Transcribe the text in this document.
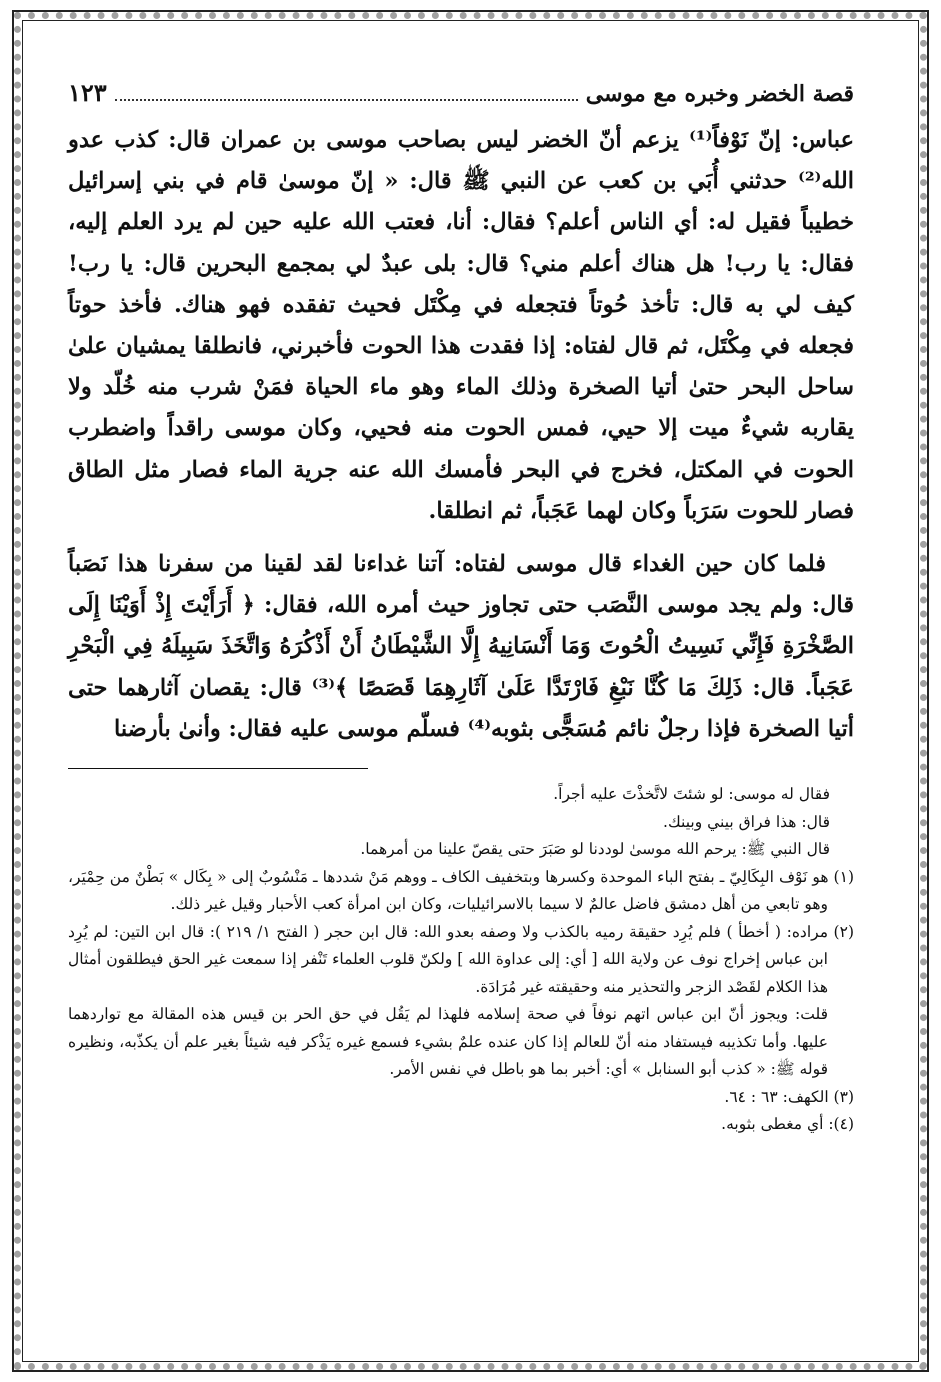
قصة الخضر وخبره مع موسى
١٢٣

عباس: إنّ نَوْفاً⁽¹⁾ يزعم أنّ الخضر ليس بصاحب موسى بن عمران قال: كذب عدو الله⁽²⁾ حدثني أُبَي بن كعب عن النبي ﷺ قال: « إنّ موسىٰ قام في بني إسرائيل خطيباً فقيل له: أي الناس أعلم؟ فقال: أنا، فعتب الله عليه حين لم يرد العلم إليه، فقال: يا رب! هل هناك أعلم مني؟ قال: بلى عبدٌ لي بمجمع البحرين قال: يا رب! كيف لي به قال: تأخذ حُوتاً فتجعله في مِكْتَل فحيث تفقده فهو هناك. فأخذ حوتاً فجعله في مِكْتَل، ثم قال لفتاه: إذا فقدت هذا الحوت فأخبرني، فانطلقا يمشيان علىٰ ساحل البحر حتىٰ أتيا الصخرة وذلك الماء وهو ماء الحياة فمَنْ شرب منه خُلّد ولا يقاربه شيءٌ ميت إلا حيي، فمس الحوت منه فحيي، وكان موسى راقداً واضطرب الحوت في المكتل، فخرج في البحر فأمسك الله عنه جرية الماء فصار مثل الطاق فصار للحوت سَرَباً وكان لهما عَجَباً، ثم انطلقا.

فلما كان حين الغداء قال موسى لفتاه: آتنا غداءنا لقد لقينا من سفرنا هذا نَصَباً قال: ولم يجد موسى النَّصَب حتى تجاوز حيث أمره الله، فقال: ﴿ أَرَأَيْتَ إِذْ أَوَيْنَا إِلَى الصَّخْرَةِ فَإِنِّي نَسِيتُ الْحُوتَ وَمَا أَنْسَانِيهُ إِلَّا الشَّيْطَانُ أَنْ أَذْكُرَهُ وَاتَّخَذَ سَبِيلَهُ فِي الْبَحْرِ عَجَباً. قال: ذَلِكَ مَا كُنَّا نَبْغِ فَارْتَدَّا عَلَىٰ آثَارِهِمَا قَصَصًا ﴾⁽³⁾ قال: يقصان آثارهما حتى أتيا الصخرة فإذا رجلٌ نائم مُسَجًّى بثوبه⁽⁴⁾ فسلّم موسى عليه فقال: وأنىٰ بأرضنا

فقال له موسى: لو شئتَ لاتَّخذْتَ عليه أجراً.

قال: هذا فراق بيني وبينك.

قال النبي ﷺ: يرحم الله موسىٰ لوددنا لو صَبَرَ حتى يقصّ علينا من أمرهما.

(١) هو نَوْف البِكَالِيّ ـ بفتح الباء الموحدة وكسرها وبتخفيف الكاف ـ ووهم مَنْ شددها ـ مَنْسُوبٌ إلى « بِكَال » بَطْنٌ من حِمْيَر، وهو تابعي من أهل دمشق فاضل عالمٌ لا سيما بالاسرائيليات، وكان ابن امرأة كعب الأحبار وقيل غير ذلك.

(٢) مراده: ( أخطأ ) فلم يُرِد حقيقة رميه بالكذب ولا وصفه بعدو الله: قال ابن حجر ( الفتح ١/ ٢١٩ ): قال ابن التين: لم يُرِد ابن عباس إخراج نوف عن ولاية الله [ أي: إلى عداوة الله ] ولكنّ قلوب العلماء تَنْفر إذا سمعت غير الحق فيطلقون أمثال هذا الكلام لقَصْد الزجر والتحذير منه وحقيقته غير مُرَادَة.

قلت: ويجوز أنّ ابن عباس اتهم نوفاً في صحة إسلامه فلهذا لم يَقُل في حق الحر بن قيس هذه المقالة مع تواردهما عليها. وأما تكذيبه فيستفاد منه أنّ للعالم إذا كان عنده علمٌ بشيء فسمع غيره يَذْكر فيه شيئاً بغير علم أن يكذّبه، ونظيره قوله ﷺ: « كذب أبو السنابل » أي: أخبر بما هو باطل في نفس الأمر.

(٣) الكهف: ٦٣ : ٦٤.

(٤): أي مغطى بثوبه.
